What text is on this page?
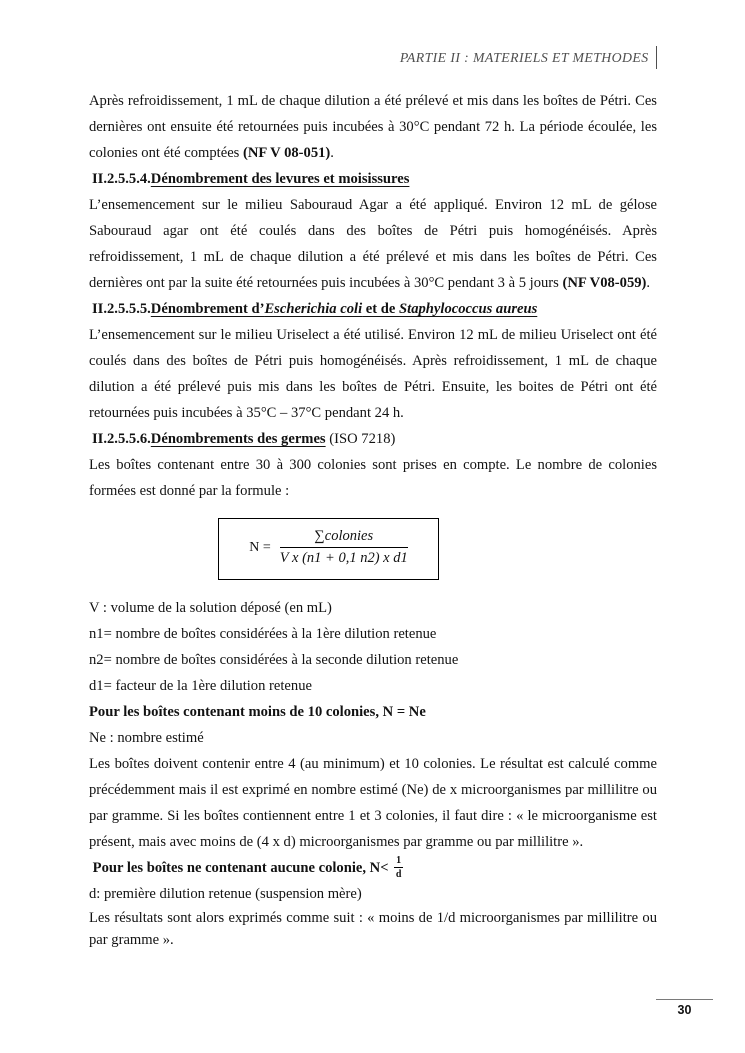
PARTIE II : MATERIELS ET METHODES

Après refroidissement, 1 mL de chaque dilution a été prélevé et mis dans les boîtes de Pétri. Ces dernières ont ensuite été retournées puis incubées à 30°C pendant 72 h. La période écoulée, les colonies ont été comptées (NF V 08-051).

II.2.5.5.4.Dénombrement des levures et moisissures

L’ensemencement sur le milieu Sabouraud Agar a été appliqué. Environ 12 mL de gélose Sabouraud agar ont été coulés dans des boîtes de Pétri puis homogénéisés. Après refroidissement, 1 mL de chaque dilution a été prélevé et mis dans les boîtes de Pétri. Ces dernières ont par la suite été retournées puis incubées à 30°C pendant 3 à 5 jours (NF V08-059).

II.2.5.5.5.Dénombrement d’Escherichia coli et de Staphylococcus aureus

L’ensemencement sur le milieu Uriselect a été utilisé. Environ 12 mL de milieu Uriselect ont été coulés dans des boîtes de Pétri puis homogénéisés. Après refroidissement, 1 mL de chaque dilution a été prélevé puis mis dans les boîtes de Pétri. Ensuite, les boites de Pétri ont été retournées puis incubées à 35°C – 37°C pendant 24 h.

II.2.5.5.6.Dénombrements des germes (ISO 7218)

Les boîtes contenant entre 30 à 300 colonies sont prises en compte. Le nombre de colonies formées est donné par la formule :

$N = \frac{\text{∑colonies}}{\text{V x (n1 + 0,1 n2) x d1}}$

V : volume de la solution déposé (en mL)

n1= nombre de boîtes considérées à la 1ère dilution retenue

n2= nombre de boîtes considérées à la seconde dilution retenue

d1= facteur de la 1ère dilution retenue

Pour les boîtes contenant moins de 10 colonies, N = Ne

Ne : nombre estimé

Les boîtes doivent contenir entre 4 (au minimum) et 10 colonies. Le résultat est calculé comme précédemment mais il est exprimé en nombre estimé (Ne) de x microorganismes par millilitre ou par gramme. Si les boîtes contiennent entre 1 et 3 colonies, il faut dire : « le microorganisme est présent, mais avec moins de (4 x d) microorganismes par gramme ou par millilitre ».

Pour les boîtes ne contenant aucune colonie, $N< \frac{1}{d}$

d: première dilution retenue (suspension mère)

Les résultats sont alors exprimés comme suit : « moins de 1/d microorganismes par millilitre ou par gramme ».

30
